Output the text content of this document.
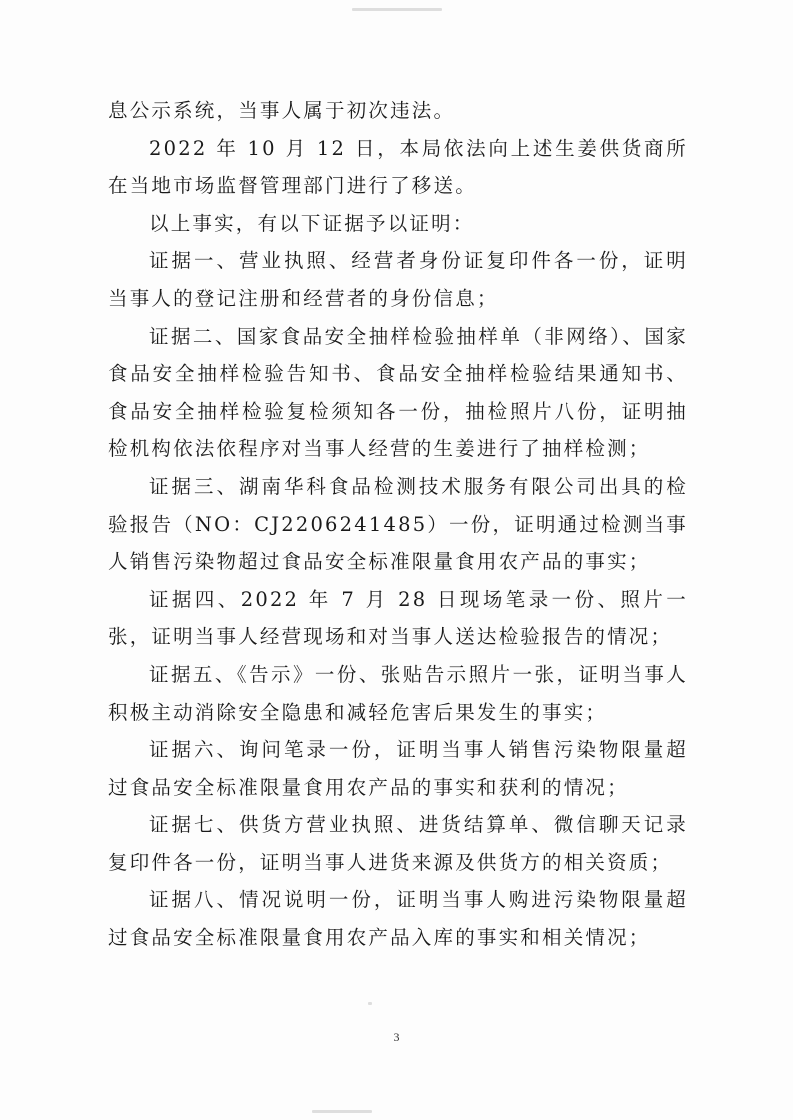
息公示系统，当事人属于初次违法。

2022 年 10 月 12 日，本局依法向上述生姜供货商所在当地市场监督管理部门进行了移送。

以上事实，有以下证据予以证明：

证据一、营业执照、经营者身份证复印件各一份，证明当事人的登记注册和经营者的身份信息；

证据二、国家食品安全抽样检验抽样单（非网络）、国家食品安全抽样检验告知书、食品安全抽样检验结果通知书、食品安全抽样检验复检须知各一份，抽检照片八份，证明抽检机构依法依程序对当事人经营的生姜进行了抽样检测；

证据三、湖南华科食品检测技术服务有限公司出具的检验报告（NO：CJ2206241485）一份，证明通过检测当事人销售污染物超过食品安全标准限量食用农产品的事实；

证据四、2022 年 7 月 28 日现场笔录一份、照片一张，证明当事人经营现场和对当事人送达检验报告的情况；

证据五、《告示》一份、张贴告示照片一张，证明当事人积极主动消除安全隐患和减轻危害后果发生的事实；

证据六、询问笔录一份，证明当事人销售污染物限量超过食品安全标准限量食用农产品的事实和获利的情况；

证据七、供货方营业执照、进货结算单、微信聊天记录复印件各一份，证明当事人进货来源及供货方的相关资质；

证据八、情况说明一份，证明当事人购进污染物限量超过食品安全标准限量食用农产品入库的事实和相关情况；

3
